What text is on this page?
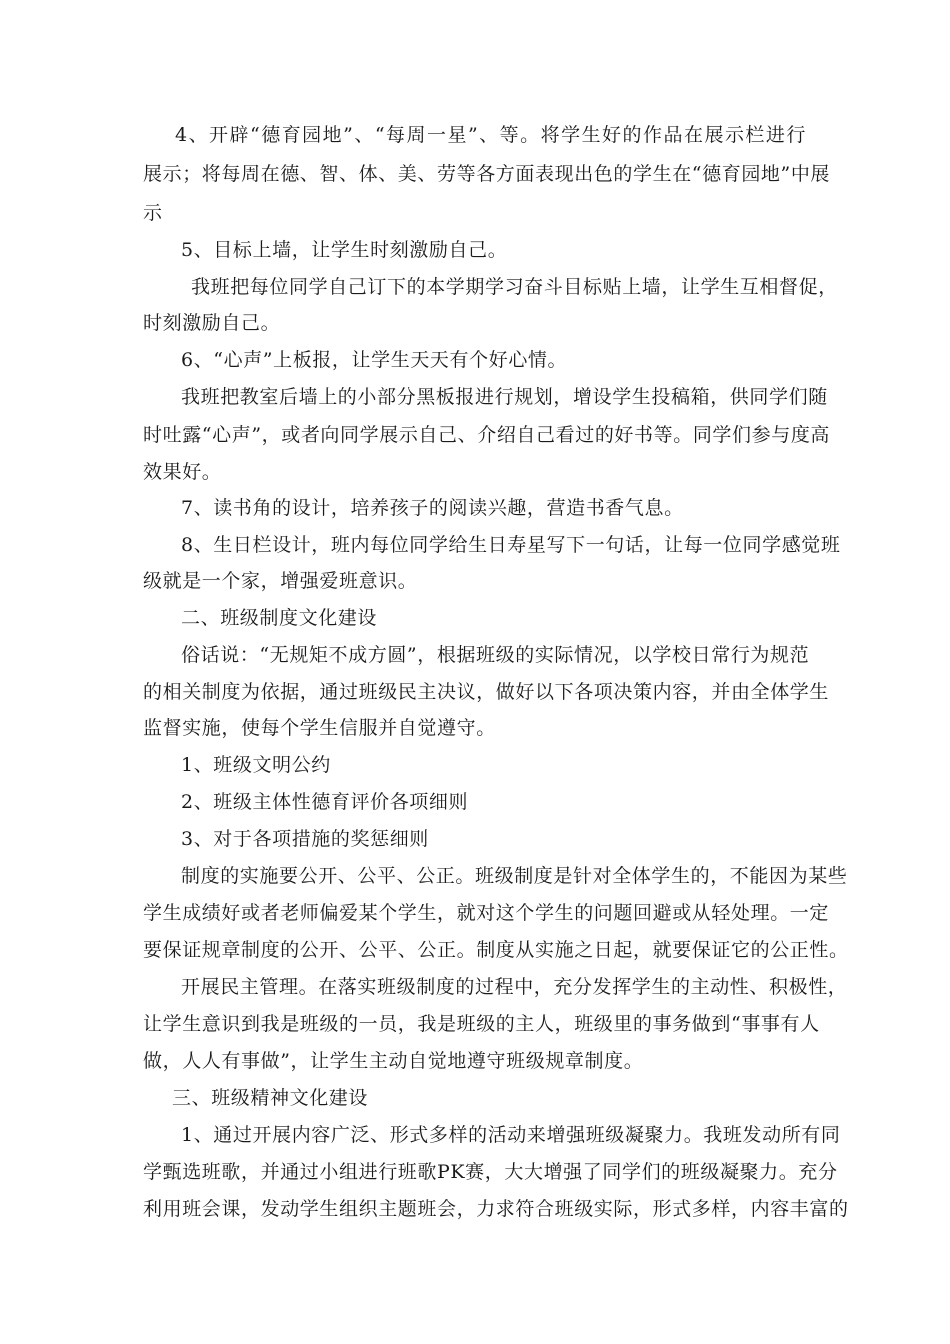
4、开辟“德育园地”、“每周一星”、等。将学生好的作品在展示栏进行

展示；将每周在德、智、体、美、劳等各方面表现出色的学生在“德育园地”中展

示

5、目标上墙，让学生时刻激励自己。

我班把每位同学自己订下的本学期学习奋斗目标贴上墙，让学生互相督促，

时刻激励自己。

6、“心声”上板报，让学生天天有个好心情。

我班把教室后墙上的小部分黑板报进行规划，增设学生投稿箱，供同学们随

时吐露“心声”，或者向同学展示自己、介绍自己看过的好书等。同学们参与度高

效果好。

7、读书角的设计，培养孩子的阅读兴趣，营造书香气息。

8、生日栏设计，班内每位同学给生日寿星写下一句话，让每一位同学感觉班

级就是一个家，增强爱班意识。

二、班级制度文化建设

俗话说：“无规矩不成方圆”，根据班级的实际情况，以学校日常行为规范

的相关制度为依据，通过班级民主决议，做好以下各项决策内容，并由全体学生

监督实施，使每个学生信服并自觉遵守。

1、班级文明公约

2、班级主体性德育评价各项细则

3、对于各项措施的奖惩细则

制度的实施要公开、公平、公正。班级制度是针对全体学生的，不能因为某些

学生成绩好或者老师偏爱某个学生，就对这个学生的问题回避或从轻处理。一定

要保证规章制度的公开、公平、公正。制度从实施之日起，就要保证它的公正性。

开展民主管理。在落实班级制度的过程中，充分发挥学生的主动性、积极性，

让学生意识到我是班级的一员，我是班级的主人，班级里的事务做到“事事有人

做，人人有事做”，让学生主动自觉地遵守班级规章制度。

三、班级精神文化建设

1、通过开展内容广泛、形式多样的活动来增强班级凝聚力。我班发动所有同

学甄选班歌，并通过小组进行班歌PK赛，大大增强了同学们的班级凝聚力。充分

利用班会课，发动学生组织主题班会，力求符合班级实际，形式多样，内容丰富的
